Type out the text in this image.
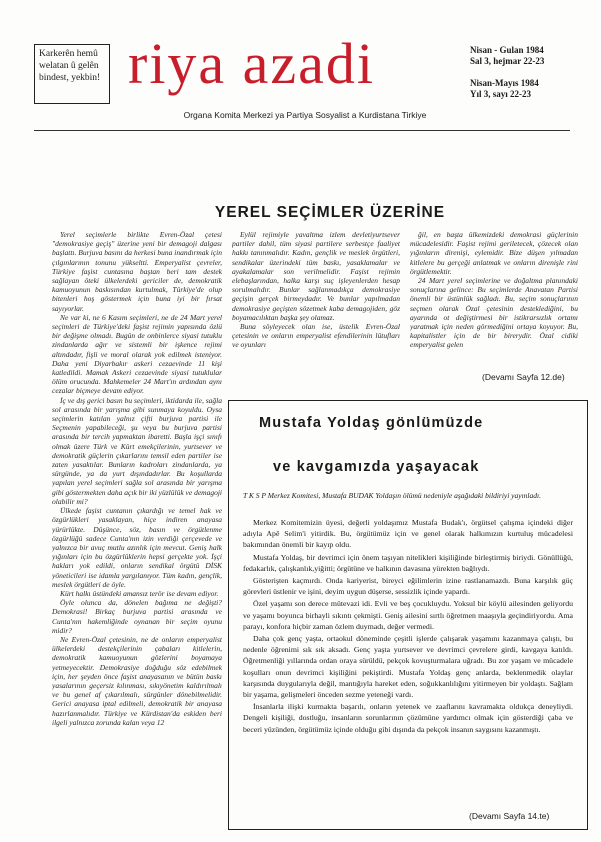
Karkerên hemû welatan û gelên bindest, yekbin! riya azadi	Nisan - Gulan 1984
Sal 3, hejmar 22-23
Nisan-Mayıs 1984
Yıl 3, sayı 22-23
Organa Komita Merkezi ya Partiya Sosyalist a Kurdistana Tirkiye
YEREL SEÇİMLER ÜZERİNE

Yerel seçimlerle birlikte Evren-Özal çetesi "demokrasiye geçiş" üzerine yeni bir demagoji dalgası başlattı. Burjuva basını da herkesi buna inandırmak için çılgınlarının tonunu yükseltti. Emperyalist çevreler, Türkiye faşist cuntasına baştan beri tam destek sağlayan öteki ülkelerdeki gericiler de, demokratik kamuoyunun baskısından kurtulmak, Türkiye'de olup bitenleri hoş göstermek için buna iyi bir fırsat sayıyorlar.

Ne var ki, ne 6 Kasım seçimleri, ne de 24 Mart yerel seçimleri de Türkiye'deki faşist rejimin yapısında özlü bir değişme olmadı. Bugün de onbinlerce siyasi tutuklu zindanlarda ağır ve sistemli bir işkence rejimi altındadır, fişli ve moral olarak yok edilmek isteniyor. Daha yeni Diyarbakır askeri cezaevinde 11 kişi katledildi. Mamak Askeri cezaevinde siyasi tutuklular ölüm orucunda. Mahkemeler 24 Mart'ın ardından aynı cezalar biçmeye devam ediyor.

İç ve dış gerici basın bu seçimleri, iktidarda ile, sağla sol arasında bir yarışma gibi sunmaya koyuldu. Oysa seçimlerin katılan yalnız çifti burjuva partisi ile Seçmenin yapabileceği, şu veya bu burjuva partisi arasında bir tercih yapmaktan ibaretti. Başla işçi sınıfı olmak üzere Türk ve Kürt emekçilerinin, yurtsever ve demokratik güçlerin çıkarlarını temsil eden partiler ise zaten yasaktılar. Bunların kadroları zindanlarda, ya sürgünde, ya da yurt dışındadırlar. Bu koşullarda yapılan yerel seçimleri sağla sol arasında bir yarışma gibi göstermekten daha açık bir iki yüzlülük ve demagoji olabilir mi?

Ülkede faşist cuntanın çıkardığı ve temel hak ve özgürlükleri yasaklayan, hiçe indiren anayasa yürürlükte. Düşünce, söz, basın ve örgütlenme özgürlüğü sadece Cunta'nın izin verdiği çerçevede ve yalnızca bir avuç mutlu azınlık için mevcut. Geniş halk yığınları için bu özgürlüklerin hepsi gerçekte yok. İşçi hakları yok edildi, onların sendikal örgütü DİSK yöneticileri ise idamla yargılanıyor. Tüm kadın, gençlik, meslek örgütleri de öyle.

Kürt halkı üstündeki amansız terör ise devam ediyor.

Öyle olunca da, dönelen bağıma ne değişti? Demokrasi! Birkaç burjuva partisi arasında ve Cunta'nın hakemliğinde oynanan bir seçim oyunu midir?

Ne Evren-Özal çetesinin, ne de onların emperyalist ülkelerdeki destekçilerinin çabaları kitlelerin, demokratik kamuoyunun gözlerini boyamaya yetmeyecektir. Demokrasiye doğduğu söz edebilmek için, her şeyden önce faşist anayasanın ve bütün baskı yasalarının geçersiz kılınması, sıkıyönetim kaldırılmalı ve bu genel af çıkarılmalı, sürgünler dönebilmelidir. Gerici anayasa iptal edilmeli, demokratik bir anayasa hazırlanmalıdır. Türkiye ve Kürdistan'da eskiden beri ilgeli yalnızca zorunda kalan veya 12

Eylül rejimiyle yavaltma izlem devletiyurtsever partiler dahil, tüm siyasi partilere serbestçe faaliyet hakkı tanınmalıdır. Kadın, gençlik ve meslek örgütleri, sendikalar üzerindeki tüm baskı, yasaklamalar ve ayakalamalar son verilmelidir. Faşist rejimin elebaşlarından, halka karşı suç işleyenlerden hesap sorulmalıdır. Bunlar sağlanmadıkça demokrasiye geçişin gerçek birmeydadır. Ve bunlar yapılmadan demokrasiye geçişten sözetmek kaba demagojiden, göz boyamacılıktan başka şey olamaz.

Buna söyleyecek olan ise, üstelik Evren-Özal çetesinin ve onların emperyalist efendilerinin lütufları ve oyunları

ğil, en başta ülkemizdeki demokrasi güçlerinin mücadelesidir. Faşist rejimi geriletecek, çözecek olan yığınların direnişi, eylemidir. Bize düşen yılmadan kitlelere bu gerçeği anlatmak ve onların direnişle rini örgütlemektir.

24 Mart yerel seçimlerine ve doğaltma planındaki sonuçlarına gelince: Bu seçimlerde Anavatan Partisi önemli bir üstünlük sağladı. Bu, seçim sonuçlarının seçmen olarak Özal çetesinin desteklediğini, bu ayarında ot değiştirmesi bir istikrarsızlık ortamı yaratmak için neden görmediğini ortaya koyuyor. Bu, kapitalistler için de bir birerydir. Özal cidiki emperyalist gelen

(Devamı Sayfa 12.de)
Mustafa Yoldaş gönlümüzde
ve kavgamızda yaşayacak
T K S P Merkez Komitesi, Mustafa BUDAK Yoldaşın ölümü nedeniyle aşağıdaki bildiriyi yayınladı.

Merkez Komitemizin üyesi, değerli yoldaşımız Mustafa Budak'ı, örgütsel çalışma içindeki diğer adıyla Apê Selim'i yitirdik. Bu, örgütümüz için ve genel olarak halkımızın kurtuluş mücadelesi bakımından önemli bir kayıp oldu.

Mustafa Yoldaş, bir devrimci için önem taşıyan nitelikleri kişiliğinde birleştirmiş biriydi. Gönüllüğü, fedakarlık, çalışkanlık,yiğitti; örgütüne ve halkının davasına yürekten bağlıydı.

Gösterişten kaçmırdı. Onda kariyerist, bireyci eğilimlerin izine rastlanamazdı. Buna karşılık güç görevleri üstlenir ve işini, deyim uygun düşerse, sessizlik içinde yapardı.

Özel yaşamı son derece mütevazi idi. Evli ve beş çocukluydu. Yoksul bir köylü ailesinden geliyordu ve yaşamı boyunca birhayli sıkıntı çekmişti. Geniş ailesini sırtlı öğretmen maaşıyla geçindiriyordu. Ama parayı, konfora hiçbir zaman özlem duymadı, değer vermedi.

Daha çok genç yaşta, ortaokul döneminde çeşitli işlerde çalışarak yaşamını kazanmaya çalıştı, bu nedenle öğrenimi sık sık aksadı. Genç yaşta yurtsever ve devrimci çevrelere girdi, kavgaya katıldı. Öğretmenliği yıllarında ordan oraya sürüldü, pekçok kovuşturmalara uğradı. Bu zor yaşam ve mücadele koşulları onun devrimci kişiliğini pekiştirdi. Mustafa Yoldaş genç anlarda, beklenmedik olaylar karşısında duygularıyla değil, mantığıyla hareket eden, soğukkanlılığını yitirmeyen bir yoldaştı. Sağlam bir yaşama, gelişmeleri önceden sezme yeteneği vardı.

İnsanlarla ilişki kurmakta başarılı, onların yetenek ve zaaflarını kavramakta oldukça deneyliydi. Dengeli kişiliği, dostluğu, insanların sorunlarının çözümüne yardımcı olmak için gösterdiği çaba ve beceri yüzünden, örgütümüz içinde olduğu gibi dışında da pekçok insanın saygısını kazanmıştı.

(Devamı Sayfa 14.te)
